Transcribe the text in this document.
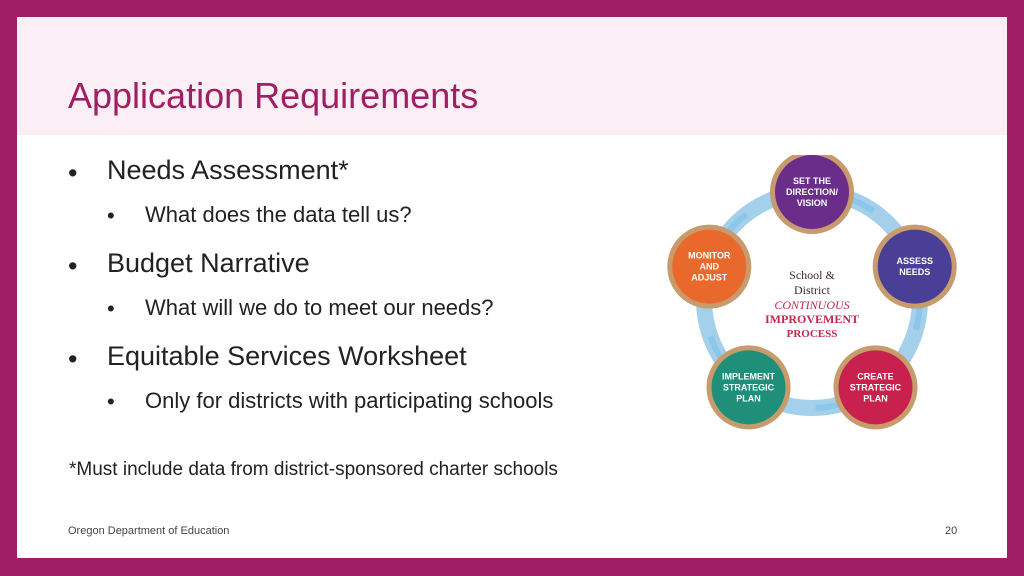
Application Requirements
• Needs Assessment*
• What does the data tell us?
• Budget Narrative
• What will we do to meet our needs?
• Equitable Services Worksheet
• Only for districts with participating schools
*Must include data from district-sponsored charter schools
School &
District
CONTINUOUS
IMPROVEMENT
PROCESS
SET THE
DIRECTION/
VISION
ASSESS
NEEDS
CREATE
STRATEGIC
PLAN
IMPLEMENT
STRATEGIC
PLAN
MONITOR
AND
ADJUST
Oregon Department of Education	20
